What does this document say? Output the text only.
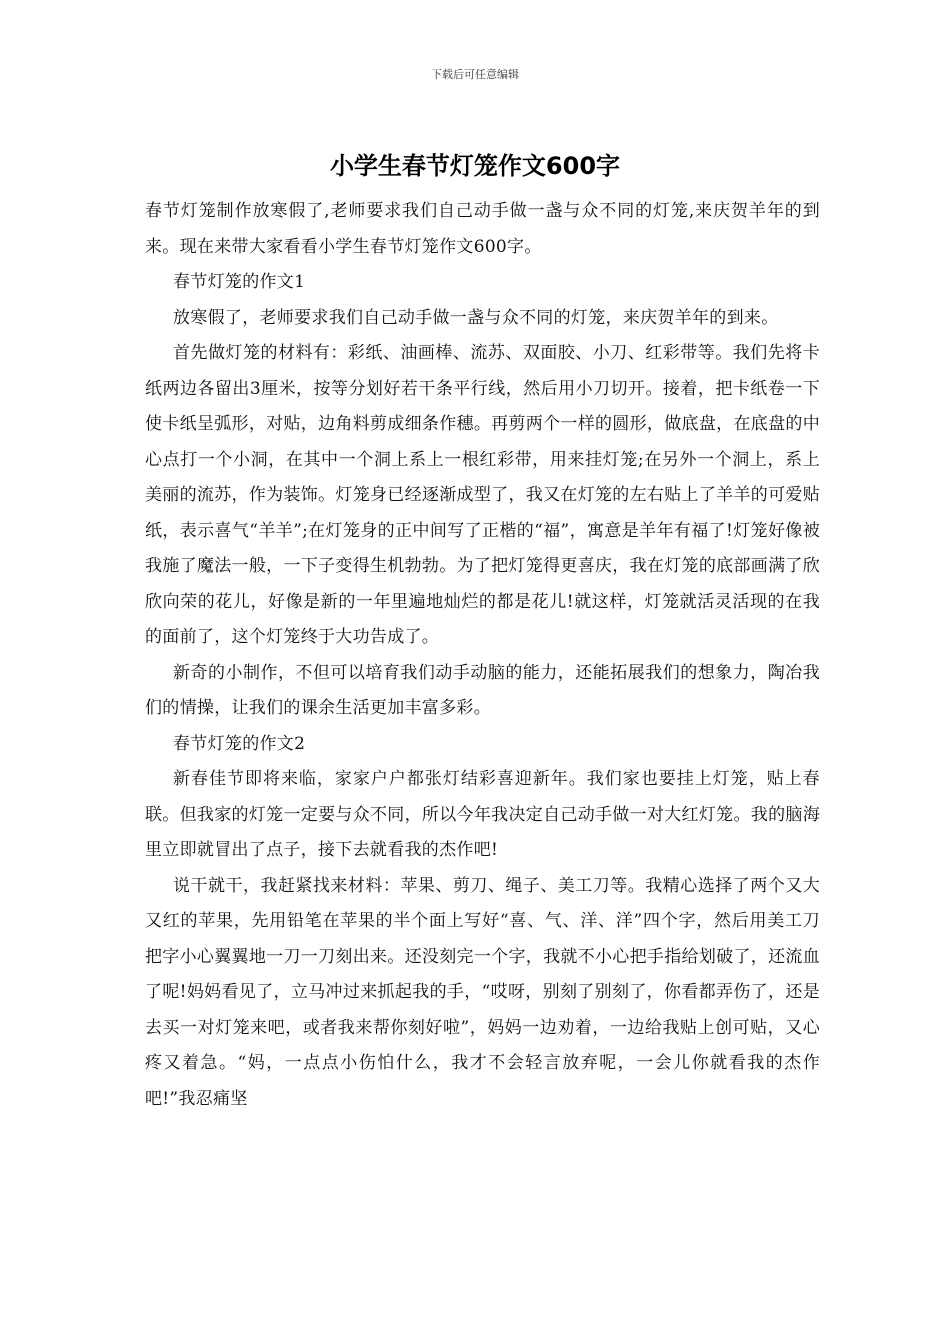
下载后可任意编辑
小学生春节灯笼作文600字

春节灯笼制作放寒假了,老师要求我们自己动手做一盏与众不同的灯笼,来庆贺羊年的到来。现在来带大家看看小学生春节灯笼作文600字。

春节灯笼的作文1

放寒假了，老师要求我们自己动手做一盏与众不同的灯笼，来庆贺羊年的到来。

首先做灯笼的材料有：彩纸、油画棒、流苏、双面胶、小刀、红彩带等。我们先将卡纸两边各留出3厘米，按等分划好若干条平行线，然后用小刀切开。接着，把卡纸卷一下使卡纸呈弧形，对贴，边角料剪成细条作穗。再剪两个一样的圆形，做底盘，在底盘的中心点打一个小洞，在其中一个洞上系上一根红彩带，用来挂灯笼;在另外一个洞上，系上美丽的流苏，作为装饰。灯笼身已经逐渐成型了，我又在灯笼的左右贴上了羊羊的可爱贴纸，表示喜气“羊羊”;在灯笼身的正中间写了正楷的“福”，寓意是羊年有福了!灯笼好像被我施了魔法一般，一下子变得生机勃勃。为了把灯笼得更喜庆，我在灯笼的底部画满了欣欣向荣的花儿，好像是新的一年里遍地灿烂的都是花儿!就这样，灯笼就活灵活现的在我的面前了，这个灯笼终于大功告成了。

新奇的小制作，不但可以培育我们动手动脑的能力，还能拓展我们的想象力，陶冶我们的情操，让我们的课余生活更加丰富多彩。

春节灯笼的作文2

新春佳节即将来临，家家户户都张灯结彩喜迎新年。我们家也要挂上灯笼，贴上春联。但我家的灯笼一定要与众不同，所以今年我决定自己动手做一对大红灯笼。我的脑海里立即就冒出了点子，接下去就看我的杰作吧!

说干就干，我赶紧找来材料：苹果、剪刀、绳子、美工刀等。我精心选择了两个又大又红的苹果，先用铅笔在苹果的半个面上写好“喜、气、洋、洋”四个字，然后用美工刀把字小心翼翼地一刀一刀刻出来。还没刻完一个字，我就不小心把手指给划破了，还流血了呢!妈妈看见了，立马冲过来抓起我的手，“哎呀，别刻了别刻了，你看都弄伤了，还是去买一对灯笼来吧，或者我来帮你刻好啦”，妈妈一边劝着，一边给我贴上创可贴，又心疼又着急。“妈，一点点小伤怕什么，我才不会轻言放弃呢，一会儿你就看我的杰作吧!”我忍痛坚
